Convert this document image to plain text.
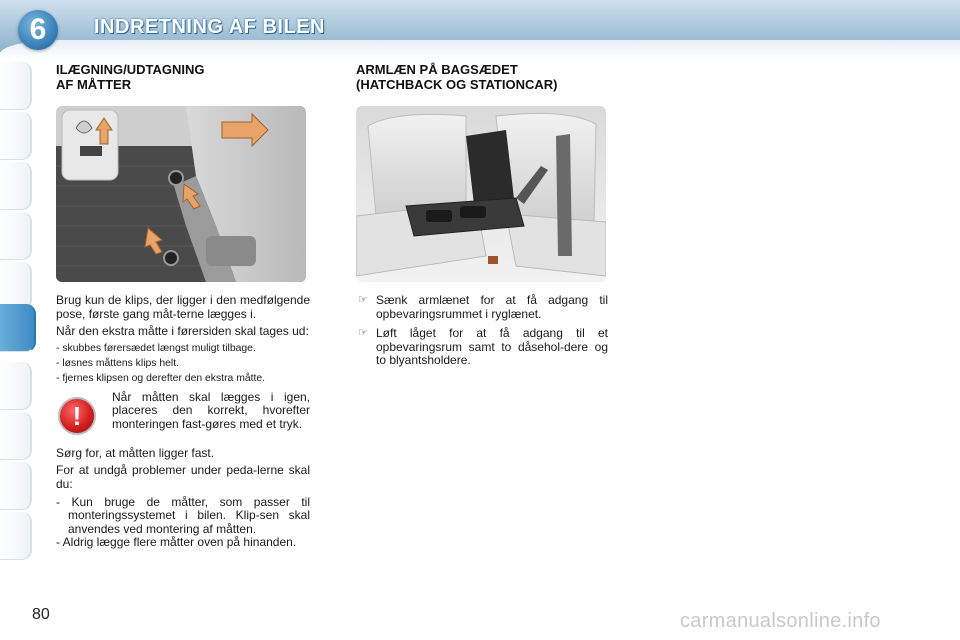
6	INDRETNING AF BILEN
ILÆGNING/UDTAGNING
AF MÅTTER

Brug kun de klips, der ligger i den medfølgende pose, første gang måt-terne lægges i.

Når den ekstra måtte i førersiden skal tages ud:

- skubbes førersædet længst muligt tilbage.
- løsnes måttens klips helt.
- fjernes klipsen og derefter den ekstra måtte.
!

Når måtten skal lægges i igen, placeres den korrekt, hvorefter monteringen fast-gøres med et tryk.

Sørg for, at måtten ligger fast.

For at undgå problemer under peda-lerne skal du:

- Kun bruge de måtter, som passer til monteringssystemet i bilen. Klip-sen skal anvendes ved montering af måtten.
- Aldrig lægge flere måtter oven på hinanden.
ARMLÆN PÅ BAGSÆDET
(HATCHBACK OG STATIONCAR)
☞ Sænk armlænet for at få adgang til opbevaringsrummet i ryglænet.
☞ Løft låget for at få adgang til et opbevaringsrum samt to dåsehol-dere og to blyantsholdere.
80	carmanualsonline.info
